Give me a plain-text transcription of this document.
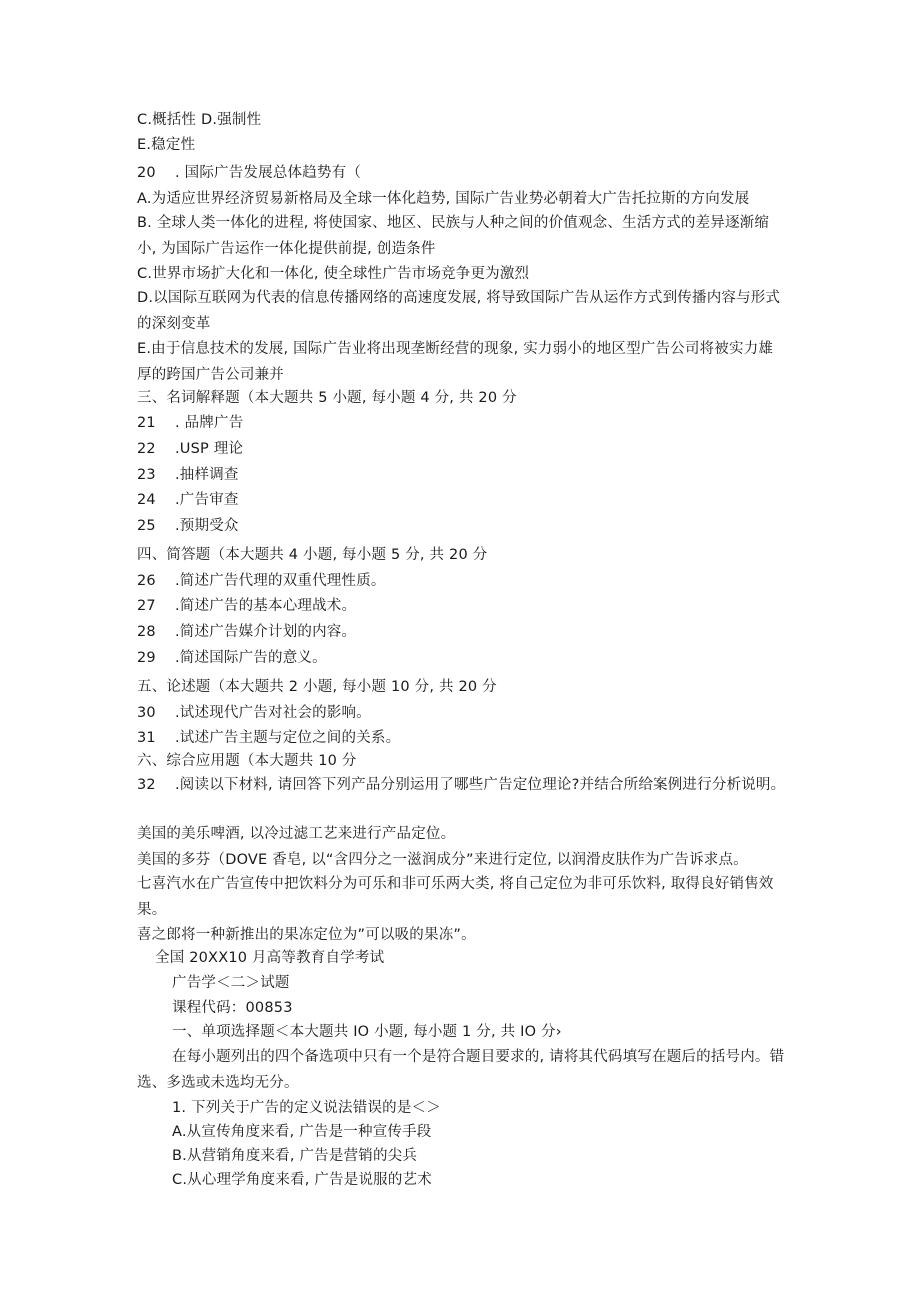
C.概括性 D.强制性
E.稳定性
20 . 国际广告发展总体趋势有（
A.为适应世界经济贸易新格局及全球一体化趋势, 国际广告业势必朝着大广告托拉斯的方向发展
B. 全球人类一体化的进程, 将使国家、地区、民族与人种之间的价值观念、生活方式的差异逐渐缩小, 为国际广告运作一体化提供前提, 创造条件
C.世界市场扩大化和一体化, 使全球性广告市场竞争更为激烈
D.以国际互联网为代表的信息传播网络的高速度发展, 将导致国际广告从运作方式到传播内容与形式的深刻变革
E.由于信息技术的发展, 国际广告业将出现垄断经营的现象, 实力弱小的地区型广告公司将被实力雄厚的跨国广告公司兼并
三、名词解释题（本大题共 5 小题, 每小题 4 分, 共 20 分
21 . 品牌广告
22 .USP 理论
23 .抽样调查
24 .广告审查
25 .预期受众
四、简答题（本大题共 4 小题, 每小题 5 分, 共 20 分
26 .简述广告代理的双重代理性质。
27 .简述广告的基本心理战术。
28 .简述广告媒介计划的内容。
29 .简述国际广告的意义。
五、论述题（本大题共 2 小题, 每小题 10 分, 共 20 分
30 .试述现代广告对社会的影响。
31 .试述广告主题与定位之间的关系。
六、综合应用题（本大题共 10 分
32 .阅读以下材料, 请回答下列产品分别运用了哪些广告定位理论?并结合所给案例进行分析说明。
美国的美乐啤酒, 以冷过滤工艺来进行产品定位。
美国的多芬（DOVE 香皂, 以“含四分之一滋润成分”来进行定位, 以润滑皮肤作为广告诉求点。
七喜汽水在广告宣传中把饮料分为可乐和非可乐两大类, 将自己定位为非可乐饮料, 取得良好销售效果。
喜之郎将一种新推出的果冻定位为”可以吸的果冻”。
全国 20XX10 月高等教育自学考试
广告学＜二＞试题
课程代码：00853
一、单项选择题＜本大题共 IO 小题, 每小题 1 分, 共 IO 分›
在每小题列出的四个备选项中只有一个是符合题目要求的, 请将其代码填写在题后的括号内。错选、多选或未选均无分。
1. 下列关于广告的定义说法错误的是＜＞
A.从宣传角度来看, 广告是一种宣传手段
B.从营销角度来看, 广告是营销的尖兵
C.从心理学角度来看, 广告是说服的艺术
